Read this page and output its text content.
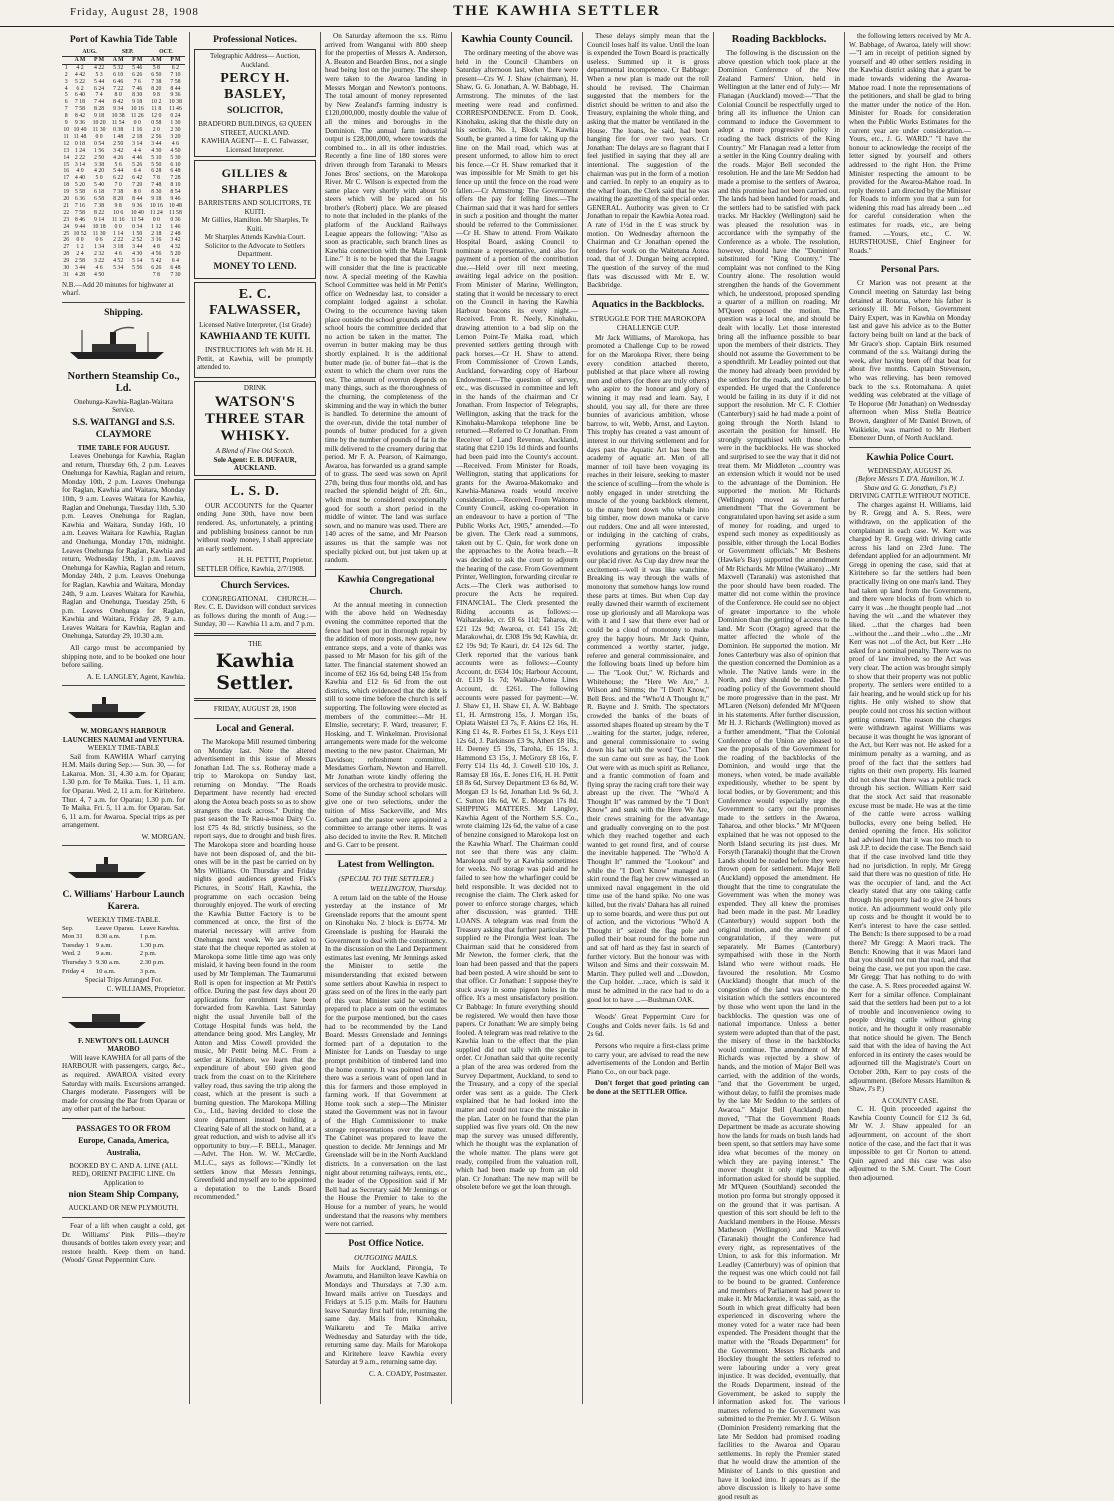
Friday, August 28, 1908	THE KAWHIA SETTLER
Port of Kawhia Tide Table
	AUG.		SEP.		OCT.	
	A M	P M	A M	P M	A M	P M
1	4 2	4 22	5 32	5 46	5 8	6 2
2	4 42	5 3	6 10	6 26	6 50	7 10
3	5 22	5 44	6 46	7 6	7 38	7 58
4	6 2	6 24	7 22	7 46	8 20	8 44
5	6 40	7 4	8 0	8 30	9 8	9 36
6	7 18	7 44	8 42	9 18	10 2	10 38
7	7 58	8 28	9 34	10 16	11 8	11 46
8	8 42	9 18	10 38	11 26	12 0	0 24
9	9 36	10 20	11 54	0 0	0 58	1 30
10	10 40	11 30	0 38	1 16	2 0	2 30
11	11 48	0 0	1 48	2 18	2 56	3 20
12	0 18	0 54	2 50	3 14	3 44	4 6
13	1 24	1 56	3 42	4 4	4 30	4 50
14	2 22	2 50	4 26	4 46	5 10	5 30
15	3 14	3 38	5 6	5 26	5 50	6 10
16	4 0	4 20	5 44	6 4	6 28	6 48
17	4 40	5 0	6 22	6 42	7 8	7 28
18	5 20	5 40	7 0	7 20	7 48	8 10
19	5 58	6 18	7 38	8 0	8 30	8 54
20	6 36	6 58	8 20	8 44	9 18	9 46
21	7 16	7 38	9 8	9 36	10 16	10 48
22	7 58	8 22	10 6	10 40	11 24	11 58
23	8 46	9 14	11 16	11 54	0 0	0 36
24	9 44	10 18	0 0	0 34	1 12	1 46
25	10 52	11 30	1 14	1 50	2 18	2 48
26	0 0	0 6	2 22	2 52	3 16	3 42
27	1 2	1 34	3 18	3 44	4 8	4 32
28	2 4	2 32	4 6	4 30	4 56	5 20
29	2 58	3 22	4 52	5 14	5 42	6 4
30	3 44	4 6	5 34	5 56	6 26	6 48
31	4 28	4 50			7 8	7 30
N.B.—Add 20 minutes for highwater at wharf.
Shipping.
Northern Steamship Co., Ld.
Onehunga-Kawhia-Raglan-Waitara Service.
S.S. WAITANGI and S.S. CLAYMORE
TIME TABLE FOR AUGUST.

Leaves Onehunga for Kawhia, Raglan and return, Thursday 6th, 2 p.m. Leaves Onehunga for Kawhia, Raglan and return, Monday 10th, 2 p.m. Leaves Onehunga for Raglan, Kawhia and Waitara, Monday 10th, 9 a.m. Leaves Waitara for Kawhia, Raglan and Onehunga, Tuesday 11th, 5.30 p.m. Leaves Onehunga for Raglan, Kawhia and Waitara, Sunday 16th, 10 a.m. Leaves Waitara for Kawhia, Raglan and Onehunga, Monday 17th, midnight. Leaves Onehunga for Raglan, Kawhia and return, Wednesday 19th, 1 p.m. Leaves Onehunga for Kawhia, Raglan and return, Monday 24th, 2 p.m. Leaves Onehunga for Raglan, Kawhia and Waitara, Monday 24th, 9 a.m. Leaves Waitara for Kawhia, Raglan and Onehunga, Tuesday 25th, 6 p.m. Leaves Onehunga for Raglan, Kawhia and Waitara, Friday 28, 9 a.m. Leaves Waitara for Kawhia, Raglan and Onehunga, Saturday 29, 10.30 a.m.

All cargo must be accompanied by shipping note, and to be booked one hour before sailing.

A. E. LANGLEY, Agent, Kawhia.
W. MORGAN'S HARBOUR LAUNCHES NAUMAI and VENTURA.
WEEKLY TIME-TABLE

Sail from KAWHIA Wharf carrying H.M. Mails during Sep.:— Sun. 30, — for Lakaroa. Mon. 31, 4.30 a.m. for Oparau; 1.30 p.m. for Te Maika. Tues. 1, 11 a.m. for Oparau. Wed. 2, 11 a.m. for Kiritehere. Thur. 4, 7 a.m. for Oparau; 1.30 p.m. for Te Maika. Fri. 5, 11 a.m. for Oparau. Sat. 6, 11 a.m. for Awaroa. Special trips as per arrangement.

W. MORGAN.
C. Williams' Harbour Launch Karera.
WEEKLY TIME-TABLE.
Sep.	Leave Oparau.	Leave Kawhia.
Mon 31	8.30 a.m.	1 p.m.
Tuesday 1	9 a.m.	1.30 p.m.
Wed. 2	9 a.m.	2 p.m.
Thursday 3	9.30 a.m.	2.30 p.m.
Friday 4	10 a.m.	3 p.m.
Special Trips Arranged For.
C. WILLIAMS, Proprietor.
F. NEWTON'S OIL LAUNCH MAROBO

Will leave KAWHIA for all parts of the HARBOUR with passengers, cargo, &c., as required. AWAROA visited every Saturday with mails. Excursions arranged. Charges moderate. Passengers will be made for crossing the Bar from Oparau or any other part of the harbour.

PASSAGES TO OR FROM Europe, Canada, America, Australia,
BOOKED BY C. AND A. LINE (ALL RED), ORIENT PACIFIC LINE. On Application to
nion Steam Ship Company,
AUCKLAND OR NEW PLYMOUTH.

Fear of a lift when caught a cold, get Dr. Williams' Pink Pills—they're thousands of bottles taken every year; and restore health. Keep them on hand. (Woods' Great Peppermint Cure.

Professional Notices.
Telegraphic Address— Auction, Auckland.
PERCY H. BASLEY,
SOLICITOR,
BRADFORD BUILDINGS, 63 QUEEN STREET, AUCKLAND.
KAWHIA AGENT— E. C. Falwasser, Licensed Interpreter.
GILLIES & SHARPLES
BARRISTERS AND SOLICITORS, TE KUITI.
Mr Gillies, Hamilton. Mr Sharples, Te Kuiti.
Mr Sharples Attends Kawhia Court.
Solicitor to the Advocate to Settlers Department.
MONEY TO LEND.
E. C. FALWASSER,
Licensed Native Interpreter, (1st Grade)
KAWHIA AND TE KUITI.

INSTRUCTIONS left with Mr H. H. Pettit, at Kawhia, will be promptly attended to.

DRINK
WATSON'S THREE STAR WHISKY.
A Blend of Fine Old Scotch.
Sole Agent: E. B. DUFAUR, AUCKLAND.
L. S. D.

OUR ACCOUNTS for the Quarter ending June 30th, have now been rendered. As, unfortunately, a printing and publishing business cannot be run without ready money, I shall appreciate an early settlement.

H. H. PETTIT, Proprietor.
SETTLER Office, Kawhia, 2/7/1908.
Church Services.

CONGREGATIONAL CHURCH.—Rev. C. E. Davidson will conduct services as follows during the month of Aug.:— Sunday, 30 — Kawhia 11 a.m. and 7 p.m.

THE
Kawhia Settler.
FRIDAY, AUGUST 28, 1908
Local and General.

The Marokopa Mill resumed timbering on Monday last. Note the altered advertisement in this issue of Messrs Jonathan Ltd. The s.s. Rotheray made a trip to Marokopa on Sunday last, returning on Monday. "The Roads Department have recently had erected along the Aotea beach posts so as to show strangers the track across." During the past season the Te Rau-a-moa Dairy Co. lost £75 4s 8d, strictly business, so the report says, due to drought and bush fires. The Marokopa store and boarding house have not been disposed of, and the bit-ones will be in the past be carried on by Mrs Williams. On Thursday and Friday nights good audiences greeted Fisk's Pictures, in Scotts' Hall, Kawhia, the programme on each occasion being thoroughly enjoyed. The work of erecting the Kawhia Butter Factory is to be commenced at once, the first of the material necessary will arrive from Onehunga next week. We are asked to state that the cheque reported as stolen at Marokopa some little time ago was only mislaid, it having been found in the room used by Mr Templeman. The Taumarunui Roll is open for inspection at Mr Pettit's office. During the past few days about 20 applications for enrolment have been forwarded from Kawhia. Last Saturday night the usual Juvenile ball of the Cottage Hospital funds was held, the attendance being good. Mrs Langley, Mr Anton and Miss Cowell provided the music, Mr Pettit being M.C. From a settler at Kiritehere, we learn that the expenditure of about £60 given good track from the coast on to the Kiritehere valley road, thus saving the trip along the coast, which at the present is such a burning question. The Marokopa Milling Co., Ltd., having decided to close the store department instead building a Clearing Sale of all the stock on hand, at a great reduction, and wish to advise all it's opportunity to buy.—F. BELL, Manager.—Advt. The Hon. W. W. McCardle, M.L.C., says as follows:—"Kindly let settlers know that Messrs Jennings, Greenfield and myself are to be appointed a deputation to the Lands Board recommended."

On Saturday afternoon the s.s. Rimu arrived from Wanganui with 800 sheep for the properties of Messrs A. Anderson, A. Beaton and Bearden Bros., not a single head being lost on the journey. The sheep were taken to the Awaroa landing in Messrs Morgan and Newton's pontoons. The total amount of money represented by New Zealand's farming industry is £120,000,000, mostly double the value of all the mines and boroughs in the Dominion. The annual farm industrial output is £28,000,000, where towards the combined to... in all its other industries. Recently a fine line of 180 stores were driven through from Taranaki to Messrs Jones Bros' sections, on the Marokopa River. Mr C. Wilson is expected from the same place very shortly with about 50 steers which will be placed on his brother's (Robert) place. We are pleased to note that included in the planks of the platform of the Auckland Railways League appears the following: "Also as soon as practicable, such branch lines as Kawhia connection with the Main Trunk Line." It is to be hoped that the League will consider that the line is practicable now. A special meeting of the Kawhia School Committee was held in Mr Pettit's office on Wednesday last, to consider a complaint lodged against a scholar. Owing to the occurrence having taken place outside the school grounds and after school hours the committee decided that no action be taken in the matter. The overrun in butter making may be thus shortly explained. It is the additional butter made (ie. of butter fat—that is the extent to which the churn over runs the test. The amount of overrun depends on many things, such as the thoroughness of the churning, the completeness of the skimming and the way in which the butter is handled. To determine the amount of the over-run, divide the total number of pounds of butter produced for a given time by the number of pounds of fat in the milk delivered to the creamery during that period. Mr F. A. Pearson, of Kaimango, Awaroa, has forwarded us a grand sample of to grass. The seed was sown on April 27th, being thus four months old, and has reached the splendid height of 2ft. 6in., which must be considered exceptionally good for south a short period in the middle of winter. The land was surface sown, and no manure was used. There are 140 acres of the same, and Mr Pearson assures us that the sample was not specially picked out, but just taken up at random.

Kawhia Congregational Church.

At the annual meeting in connection with the above held on Wednesday evening the committee reported that the fence had been put in thorough repair by the addition of more posts, new gate, new entrance steps, and a vote of thanks was passed to Mr Mason for his gift of the latter. The financial statement showed an income of £62 16s 6d, being £48 15s from Kawhia and £12 6s 6d from the out districts, which evidenced that the debt is still to some time before the church is self supporting. The following were elected as members of the committee:—Mr H. Elmslie, secretary; F. Ward, treasurer; F. Hosking, and T. Winkelman. Provisional arrangements were made for the welcome meeting to the new pastor. Chairman, Mr Davidson; refreshment committee, Mesdames Gorham, Newton and Harrell. Mr Jonathan wrote kindly offering the services of the orchestra to provide music. Some of the Sunday school scholars will give one or two selections, under the tuition of Miss Sackerville, and Mrs Gorham and the pastor were appointed a committee to arrange other items. It was also decided to invite the Rev. R. Mitchell and G. Carr to be present.

Latest from Wellington.
(SPECIAL TO THE SETTLER.)
WELLINGTON, Thursday.

A return laid on the table of the House yesterday at the instance of Mr Greenslade reports that the amount spent on Kinohaku No. 2 block is £6774. Mr Greenslade is pushing for Hauraki the Government to deal with the constituency. In the discussion on the Land Department estimates last evening, Mr Jennings asked the Minister to settle the misunderstanding that existed between some settlers about Kawhia in respect to grass seed on of the fires in the early part of this year. Minister said he would be prepared to place a sum on the estimates for the purpose mentioned, but the cases had to be recommended by the Land Board. Messrs Greenslade and Jennings formed part of a deputation to the Minister for Lands on Tuesday to urge prompt prohibition of timbered land into the home country. It was pointed out that there was a serious want of open land in this for farmers and those employed in farming work. If that Government at Home took such a step—The Minister stated the Government was not in favour of the High Commissioner to make storage representations over the matter. The Cabinet was prepared to leave the question to decide. Mr Jennings and Mr Greenslade will be in the North Auckland districts. In a conversation on the last night about returning railways, rents, etc., the leader of the Opposition said if Mr Bell had as Secretary said Mr Jennings or the House the Premier to take to the House for a number of years, he would understand that the reasons why members were not carried.

Post Office Notice.
OUTGOING MAILS.

Mails for Auckland, Pirongia, Te Awamutu, and Hamilton leave Kawhia on Mondays and Thursdays at 7.30 a.m. Inward mails arrive on Tuesdays and Fridays at 5.15 p.m. Mails for Hauturu leave Saturday first half tide, returning the same day. Mails from Kinohaku, Waikaretu and Te Maika arrive Wednesday and Saturday with the tide, returning same day. Mails for Marokopa and Kiritehere leave Kawhia every Saturday at 9 a.m., returning same day.

C. A. COADY, Postmaster.
Kawhia County Council.

The ordinary meeting of the above was held in the Council Chambers on Saturday afternoon last, when there were present—Crs W. J. Shaw (chairman), H. Shaw, G. G. Jonathan, A. W. Babbage, H. Armstrong. The minutes of the last meeting were read and confirmed. CORRESPONDENCE. From D. Cook, Kinohaku, asking that the thistle duty on his section, No. 1, Block V., Kawhia South, be granted a time for taking up the line on the Mail road, which was at present unformed, to allow him to erect his fence.—Cr H. Shaw remarked that it was impossible for Mr Smith to get his fence up until the fence on the road were fallen.—Cr Armstrong: The Government offers the pay for felling lines.—The Chairman said that it was hard for settlers in such a position and thought the matter should be referred to the Commissioner.—Cr H. Shaw to attend. From Waikato Hospital Board, asking Council to nominate a representative, and also for payment of a portion of the contribution due.—Held over till next meeting, awaiting legal advice on the position. From Minister of Marine, Wellington, stating that it would be necessary to erect on the Council in having the Kawhia Harbour beacons its every night.—Received. From R. Neely, Kinohaku, drawing attention to a bad slip on the Lemon Point-Te Maika road, which prevented settlers getting through with pack horses.—Cr H. Shaw to attend. From Commissioner of Crown Lands, Auckland, forwarding copy of Harbour Endowment.—The question of survey, etc., was discussed in committee and left in the hands of the chairman and Cr Jonathan. From Inspector of Telegraphs, Wellington, asking that the track for the Kinohaku-Marokopa telephone line be returned.—Referred to Cr Jonathan. From Receiver of Land Revenue, Auckland, stating that £210 19s 1d thirds and fourths had been paid into the County's account.—Received. From Minister for Roads, Wellington, stating that applications for grants for the Awaroa-Makomako and Kawhia-Manawa roads would receive consideration.—Received. From Waitomo County Council, asking co-operation in an endeavour to have a portion of "The Public Works Act, 1905," amended.—To be given. The Clerk read a summons, taken out by C. Quin, for work done on the approaches to the Aotea beach.—It was decided to ask the court to adjourn the hearing of the case. From Government Printer, Wellington, forwarding circular re Acts.—The Clerk was authorised to procure the Acts he required. FINANCIAL. The Clerk presented the Riding accounts as follows:—Waiharakeke, cr. £8 6s 11d; Taharoa, dr. £21 12s 9d; Awaroa, cr. £41 15s 2d; Marakowhai, dr. £308 19s 9d; Kawhia, dr. £2 19s 9d; Te Kauri, dr. £4 12s 6d. The Clerk reported that the various bank accounts were as follows:—County Account, dr. £634 10s; Harbour Account, dr. £119 1s 7d; Waikato-Aotea Lines Account, dr. £261. The following accounts were passed for payment:—W. J. Shaw £1, H. Shaw £1, A. W. Babbage £1, H. Armstrong 15s, J. Morgan 15s, Opiata Waistel £3 7s, F. Akins £2 16s, H. King £1 4s, R. Forbes £1 5s, J. Keys £11 12s 6d, J. Parkinson £3 9s, Athert £8 10s, H. Deeney £5 19s, Taroha, £6 15s, J. Hammond £3 15s, J. McGrory £8 16s, F. Ferry £14 11s 4d, J. Cowell £10 10s, J. Ramsay £8 16s, E. Jones £16, H. H. Pettit £8 8s 6d, Survey Department £3 6s 8d, W. Morgan £3 1s 6d, Jonathan Ltd. 9s 6d, J. C. Sutton 18s 6d, W. E. Morgan 17s 8d. SHIPPING MATTERS. Mr Langley, Kawhia Agent of the Northern S.S. Co., wrote claiming 12s 6d, the value of a case of benzine consigned to Marokopa lost on the Kawhia Wharf. The Chairman could not see that there was any claim. Marokopa stuff by at Kawhia sometimes for weeks. No storage was paid and he failed to see how the wharfinger could be held responsible. It was decided not to recognise the claim. The Clerk asked for power to enforce storage charges, which after discussion, was granted. THE LOANS. A telegram was read from the Treasury asking that further particulars be supplied re the Pirongia West loan. The Chairman said that he considered from Mr Newton, the former clerk, that the loan had been passed and that the papers had been posted. A wire should be sent to that office. Cr Jonathan: I suppose they're stuck away in some pigeon holes in the office. It's a most unsatisfactory position. Cr Babbage: In future everything should be registered. We would then have those papers. Cr Jonathan: We are simply being fooled. A telegram was read relative to the Kawhia loan to the effect that the plan supplied did not tally with the special order. Cr Jonathan said that quite recently a plan of the area was ordered from the Survey Department, Auckland, to send to the Treasury, and a copy of the special order was sent as a guide. The Clerk explained that he had looked into the matter and could not trace the mistake in the plan. Later on he found that the plan supplied was five years old. On the new map the survey was unused differently, which he thought was the explanation of the whole matter. The plans were got ready, compiled from the valuation roll, which had been made up from an old plan. Cr Jonathan: The new map will be obsolete before we get the loan through.

These delays simply mean that the Council loses half its value. Until the loan is expended the Town Board is practically useless. Summed up it is gross departmental incompetence. Cr Babbage: When a new plan is made out the roll should be revised. The Chairman suggested that the members for the district should be written to and also the Treasury, explaining the whole thing, and asking that the matter be ventilated in the House. The loans, he said, had been hanging fire for over two years. Cr Jonathan: The delays are so flagrant that I feel justified in saying that they all are intentional. The suggestion of the chairman was put in the form of a motion and carried. In reply to an enquiry as to the wharf loan, the Clerk said that he was awaiting the gazetting of the special order. GENERAL. Authority was given to Cr Jonathan to repair the Kawhia Aotea road. A rate of 1½d in the £ was struck by motion. On Wednesday afternoon the Chairman and Cr Jonathan opened the tenders for work on the Waitetuna Aotea road, that of J. Dungan being accepted. The question of the survey of the mud flats was discussed with Mr E. W. Backbridge.

Aquatics in the Backblocks.
STRUGGLE FOR THE MAROKOPA CHALLENGE CUP.

Mr Jack Williams, of Marokopa, has promoted a Challenge Cup to be rowed for on the Marokopa River, there being every condition attached thereto, published at that place where all rowing men and others (for there are truly others) who aspire to the honour and glory of winning it may read and learn. Say, I should, you say all, for there are three bunnies of avaricious ambition, whose barrow, to wit, Webb, Arnst, and Layton. This trophy has created a vast amount of interest in our thriving settlement and for days past the Aquatic Art has been the academy of aquatic art. Men of all manner of toil have been voyaging its reaches in their leisure, seeking to master the science of sculling—from the whole is nobly engaged in under stretching the muscle of the young backblock element, to the many bent down who whale into big timber, mow down manuka or carve out rudders. One and all were interested, or indulging in the catching of crabs, performing gyrations impossible evolutions and gyrations on the breast of our placid river. As Cup day drew near the excitement—well it was like wanchine. Breaking its way through the walls of monotony that somehow hangs low round these parts at times. But when Cup day really dawned their warmth of excitement rose up gloriously and all Marokopa was with it and I saw that there ever had or could be a cloud of monotony to make grey the happy hours. Mr Jack Quinn, commenced a worthy starter, judge, referee and general commissionaire, and the following boats lined up before him — The "Look Out," W. Richards and Whitehouse; the "Here We Are," J. Wilson and Simms; the "I Don't Know," Bell Bros. and the "Who'd A Thought It," R. Bayne and J. Smith. The spectators crowded the banks of the boats of assorted shapes floated up stream by the T ...waiting for the starter, judge, referee, and general commissionaire to swing down his hat with the word "Go." Then the sun came out sure as hay, the Look Out were with as much spirit as Reliance, and a frantic commotion of foam and flying spray the racing craft tore their way abreast up the river. The "Who'd A Thought It" was rammed by the "I Don't Know" and sunk with the Here We Are, their crews straining for the advantage and gradually converging on to the post which they reached together and each wanted to get round first, and of course the inevitable happened. The "Who'd A Thought It" rammed the "Lookout" and while the "I Don't Know" managed to skirt round the flag her crew witnessed an unmixed naval engagement in the old time use of the hand spike. No one was killed, but the rivals' Dahara has all ruined up to some boards, and were thus put out of action, and the victorious "Who'd A Thought it" seized the flag pole and pulled their boat round for the home run and sat off hard as they fast in search of further victory. But the honour was with Wilson and Sims and their coxswain M. Martin. They pulled well and ...Dowdon, the Cup holder. ...race, which is said it must be admitted in the race had to do a good lot to have ...—Bushman OAK.

Woods' Great Peppermint Cure for Coughs and Colds never fails. 1s 6d and 2s 6d.

Persons who require a first-class prime to carry your, are advised to read the new advertisements of the London and Berlin Piano Co., on our back page.

Don't forget that good printing can be done at the SETTLER Office.

Roading Backblocks.

The following is the discussion on the above question which took place at the Dominion Conference of the New Zealand Farmers' Union, held in Wellington at the latter end of July:— Mr Flanagan (Auckland) moved:—"That the Colonial Council be respectfully urged to bring all its influence the Union can command to induce the Government to adopt a more progressive policy in roading the back districts of the King Country." Mr Flanagan read a letter from a settler in the King Country dealing with the roads. Major Bell seconded the resolution. He and the late Mr Seddon had made a promise to the settlers of Awaroa, and this promise had not been carried out. The lands had been handed for roads, and the settlers had to be satisfied with pack tracks. Mr Hackley (Wellington) said he was pleased the resolution was in accordance with the sympathy of the Conference as a whole. The resolution, however, should have the "Dominion" substituted for "King Country." The complaint was not confined to the King Country alone. The resolution would strengthen the hands of the Government which, he understood, proposed spending a quarter of a million on roading. Mr M'Queen opposed the motion. The question was a local one, and should be dealt with locally. Let those interested bring all the influence possible to bear upon the members of their districts. They should not assume the Government to be a spendthrift. Mr Leadley pointed out that the money had already been provided by the settlers for the roads, and it should be expended. He urged that the Conference would be failing in its duty if it did not support the resolution. Mr C. F. Clothier (Canterbury) said he had made a point of going through the North Island to ascertain the position for himself. He strongly sympathised with those who were in the backblocks. He was shocked and surprised to see the way that it did not treat them. Mr Middleton ...country was an extension which it would not be used to the advantage of the Dominion. He supported the motion. Mr Richards (Wellington) moved as a further amendment "That the Government be congratulated upon having set aside a sum of money for roading, and urged to expend such money as expeditiously as possible, either through the Local Bodies or Government officials." Mr Beshens (Hawke's Bay) supported the amendment of Mr Richards. Mr Milne (Waikato) ...Mr Maxwell (Taranaki) was astonished that the poor should have been roaded. The matter did not come within the province of the Conference. He could see no object of greater importance to the whole Dominion than the getting of access to the land. Mr Scott (Otago) agreed that the matter affected the whole of the Dominion. He supported the motion. Mr Jones Canterbury was also of opinion that the question concerned the Dominion as a whole. The Native lands were in the North, and they should be roaded. The roading policy of the Government should be more progressive than in the past. Mr M'Laren (Nelson) defended Mr M'Queen in his statements. After further discussion, Mr H. J. Richards (Wellington) moved as a further amendment, "That the Colonial Conference of the Union are pleased to see the proposals of the Government for the roading of the backblocks of the Dominion, and would urge that the moneys, when voted, be made available expeditiously, whether to be spent by local bodies, or by Government; and this Conference would especially urge the Government to carry out the promises made to the settlers in the Awaroa, Taharoa, and other blocks." Mr M'Queen explained that he was not opposed to the North Island securing its just dues. Mr Forsyth (Taranaki) thought that the Crown Lands should be roaded before they were thrown open for settlement. Major Bell (Auckland) opposed the amendment. He thought that the time to congratulate the Government was when the money was expended. They all knew the promises had been made in the past. Mr Leadley (Canterbury) would support both the original motion, and the amendment of congratulation, if they were put separately. Mr Barnes (Canterbury) sympathised with those in the North Island who were without roads. He favoured the resolution. Mr Cosmo (Auckland) thought that much of the congestion of the land was due to the visitation which the settlers encountered by those who went upon the land in the backblocks. The question was one of national importance. Unless a better system were adopted than that of the past, the misery of those in the backblocks would continue. The amendment of Mr Richards was rejected by a show of hands, and the motion of Major Bell was carried, with the addition of the words, "and that the Government be urged, without delay, to fulfil the promises made by the late Mr Seddon to the settlers of Awaroa." Major Bell (Auckland) then moved, "That the Government Roads Department be made as accurate showing how the lands for roads on bush lands had been spent, so that settlers may have some idea what becomes of the money on which they are paying interest." The mover thought it only right that the information asked for should be supplied. Mr M'Queen (Southland) seconded the motion pro forma but strongly opposed it on the ground that it was partisan. A question of this sort should be left to the Auckland members in the House. Messrs Matheson (Wellington) and Maxwell (Taranaki) thought the Conference had every right, as representatives of the Union, to ask for this information. Mr Leadley (Canterbury) was of opinion that the request was one which could not fail to be bound to be granted. Conference and members of Parliament had power to make it. Mr Mackenzie, it was said, as the South in which great difficulty had been experienced in discovering where the money voted for a water race had been expended. The President thought that the matter with the "Roads Department" for the Government. Messrs Richards and Hockley thought the settlers referred to were labouring under a very great injustice. It was decided, eventually, that the Roads Department, instead of the Government, be asked to supply the information asked for. The various matters referred to the Government was submitted to the Premier. Mr J. G. Wilson (Dominion President) remarking that the late Mr Seddon had promised roading facilities to the Awaroa and Oparau settlements. In reply the Premier stated that he would draw the attention of the Minister of Lands to this question and have it looked into. It appears as if the above discussion is likely to have some good result as

the following letters received by Mr A. W. Babbage, of Awaroa, lately will show:—"I am in receipt of petition signed by yourself and 40 other settlers residing in the Kawhia district asking that a grant be made towards widening the Awaroa-Mahoe road. I note the representations of the petitioners, and shall be glad to bring the matter under the notice of the Hon. Minister for Roads for consideration when the Public Works Estimates for the current year are under consideration.—Yours, etc., J. G. WARD." "I have the honour to acknowledge the receipt of the letter signed by yourself and others addressed to the right Hon. the Prime Minister respecting the amount to be provided for the Awaroa-Mahoe road. In reply thereto I am directed by the Minister for Roads to inform you that a sum for widening this road has already been ...ed for careful consideration when the estimates for roads, etc., are being framed. —Yours, etc., C. W. HURSTHOUSE, Chief Engineer for Roads."

Personal Pars.

Cr Marion was not present at the Council meeting on Saturday last being detained at Rotorua, where his father is seriously ill. Mr Folson, Government Dairy Expert, was in Kawhia on Monday last and gave his advice as to the Butter factory being built on land at the back of Mr Grace's shop. Captain Birk resumed command of the s.s. Waitangi during the week, after having been off that boat for about five months. Captain Stevenson, who was relieving, has been removed back to the s.s. Rotomahana. A quiet wedding was celebrated at the village of Te Hoporoe (Mr Jonathan) on Wednesday afternoon when Miss Stella Beatrice Brown, daughter of Mr Daniel Brown, of Waikiekie, was married to Mr Herbert Ebenezer Dunn, of North Auckland.

Kawhia Police Court.
WEDNESDAY, AUGUST 26.
(Before Messrs T. D'A. Hamilton, W. J. Shaw and G. G. Jonathan, J's P.)
DRIVING CATTLE WITHOUT NOTICE.

The charges against H. Williams, laid by R. Gregg and A. S. Rees, were withdrawn, on the application of the complainant in each case. W. Kerr was charged by R. Gregg with driving cattle across his land on 23rd June. The defendant applied for an adjournment. Mr Gregg in opening the case, said that at Kiritehere so far the settlers had been practically living on one man's land. They had taken up land from the Government, and there were blocks of from which to carry it was ...he thought people had ...not having the wit ...and the whatever they liked. ...that the charges had been ...without the ...and their ...who ...the ...Mr Kerr was not ...of the Act, but Kerr ...He asked for a nominal penalty. There was no proof of law involved, so the Act was very clear. The action was brought simply to show that their property was not public property. The settlers were entitled to a fair hearing, and he would stick up for his rights. He only wished to show that people could not cross his section without getting consent. The reason the charges were withdrawn against Williams was because it was thought he was ignorant of the Act, but Kerr was not. He asked for a minimum penalty as a warning, and as proof of the fact that the settlers had rights on their own property. His learned did not show that there was a public track through his section. William Kerr said that the stock Act said that reasonable excuse must be made. He was at the time of the cattle were across walking bullocks, every one being belled. He denied opening the fence. His solicitor had advised him that it was too much to ask J.P. to decide the case. The Bench said that if the case involved land title they had no jurisdiction. In reply, Mr Gregg said that there was no question of title. He was the occupier of land, and the Act clearly stated that any one taking cattle through his property had to give 24 hours notice. An adjournment would only pile up costs and he thought it would be to Kerr's interest to have the case settled. The Bench: Is there supposed to be a road there? Mr Gregg: A Maori track. The Bench: Knowing that it was Maori land that you should not run that road, and that being the case, we put you upon the case. Mr Gregg: That has nothing to do with the case. A. S. Rees proceeded against W. Kerr for a similar offence. Complainant said that the settlers had been put to a lot of trouble and inconvenience owing to people driving cattle without giving notice, and he thought it only reasonable that notice should be given. The Bench said that with the idea of having the Act enforced in its entirety the cases would be adjourned till the Magistrate's Court on October 20th, Kerr to pay costs of the adjournment. (Before Messrs Hamilton & Shaw, J's P.)

A COUNTY CASE.

C. H. Quin proceeded against the Kawhia County Council for £12 3s 6d, Mr W. J. Shaw appealed for an adjournment, on account of the short notice of the case, and the fact that it was impossible to get Cr Norton to attend. Quin agreed and this case was also adjourned to the S.M. Court. The Court then adjourned.
